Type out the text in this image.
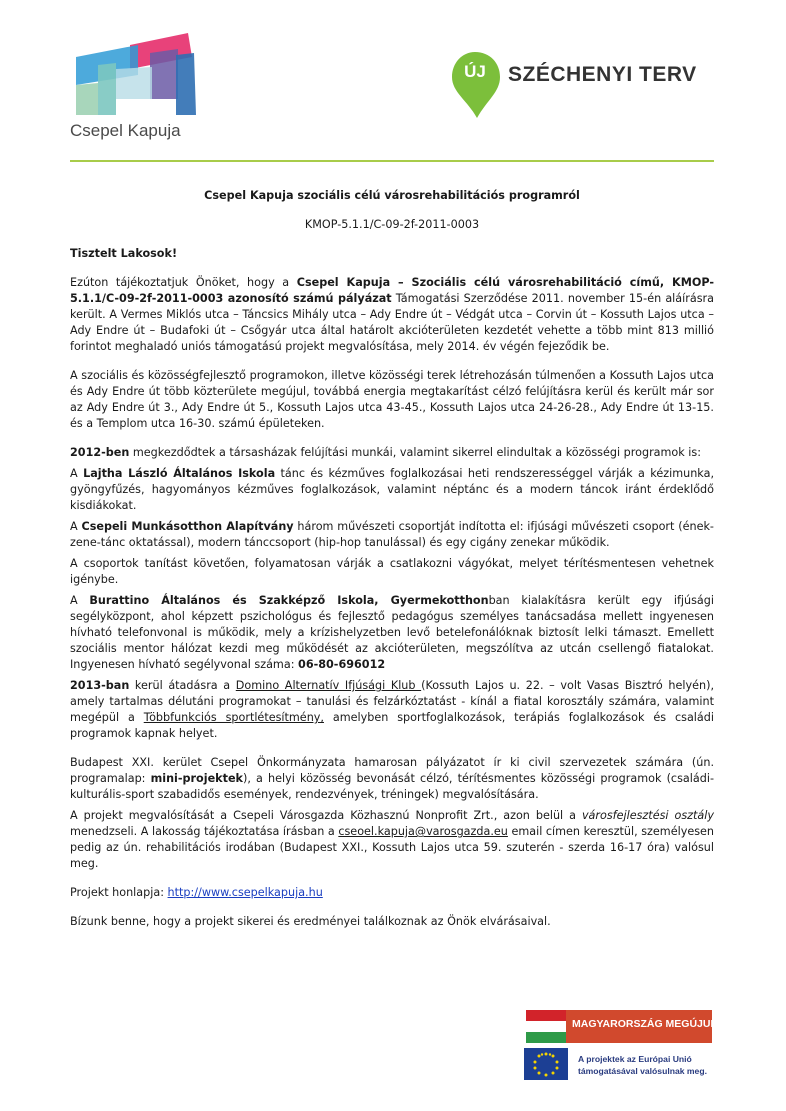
Csepel Kapuja
ÚJ	SZÉCHENYI TERV
Csepel Kapuja szociális célú városrehabilitációs programról
KMOP-5.1.1/C-09-2f-2011-0003
Tisztelt Lakosok!

Ezúton tájékoztatjuk Önöket, hogy a Csepel Kapuja – Szociális célú városrehabilitáció című, KMOP-5.1.1/C-09-2f-2011-0003 azonosító számú pályázat Támogatási Szerződése 2011. november 15-én aláírásra került. A Vermes Miklós utca – Táncsics Mihály utca – Ady Endre út – Védgát utca – Corvin út – Kossuth Lajos utca – Ady Endre út – Budafoki út – Csőgyár utca által határolt akcióterületen kezdetét vehette a több mint 813 millió forintot meghaladó uniós támogatású projekt megvalósítása, mely 2014. év végén fejeződik be.

A szociális és közösségfejlesztő programokon, illetve közösségi terek létrehozásán túlmenően a Kossuth Lajos utca és Ady Endre út több közterülete megújul, továbbá energia megtakarítást célzó felújításra kerül és került már sor az Ady Endre út 3., Ady Endre út 5., Kossuth Lajos utca 43-45., Kossuth Lajos utca 24-26-28., Ady Endre út 13-15. és a Templom utca 16-30. számú épületeken.

2012-ben megkezdődtek a társasházak felújítási munkái, valamint sikerrel elindultak a közösségi programok is:

A Lajtha László Általános Iskola tánc és kézműves foglalkozásai heti rendszerességgel várják a kézimunka, gyöngyfűzés, hagyományos kézműves foglalkozások, valamint néptánc és a modern táncok iránt érdeklődő kisdiákokat.

A Csepeli Munkásotthon Alapítvány három művészeti csoportját indította el: ifjúsági művészeti csoport (ének- zene-tánc oktatással), modern tánccsoport (hip-hop tanulással) és egy cigány zenekar működik.

A csoportok tanítást követően, folyamatosan várják a csatlakozni vágyókat, melyet térítésmentesen vehetnek igénybe.

A Burattino Általános és Szakképző Iskola, Gyermekotthonban kialakításra került egy ifjúsági segélyközpont, ahol képzett pszichológus és fejlesztő pedagógus személyes tanácsadása mellett ingyenesen hívható telefonvonal is működik, mely a krízishelyzetben levő betelefonálóknak biztosít lelki támaszt. Emellett szociális mentor hálózat kezdi meg működését az akcióterületen, megszólítva az utcán csellengő fiatalokat. Ingyenesen hívható segélyvonal száma: 06-80-696012

2013-ban kerül átadásra a Domino Alternatív Ifjúsági Klub (Kossuth Lajos u. 22. – volt Vasas Bisztró helyén), amely tartalmas délutáni programokat – tanulási és felzárkóztatást - kínál a fiatal korosztály számára, valamint megépül a Többfunkciós sportlétesítmény, amelyben sportfoglalkozások, terápiás foglalkozások és családi programok kapnak helyet.

Budapest XXI. kerület Csepel Önkormányzata hamarosan pályázatot ír ki civil szervezetek számára (ún. programalap: mini-projektek), a helyi közösség bevonását célzó, térítésmentes közösségi programok (családi- kulturális-sport szabadidős események, rendezvények, tréningek) megvalósítására.

A projekt megvalósítását a Csepeli Városgazda Közhasznú Nonprofit Zrt., azon belül a városfejlesztési osztály menedzseli. A lakosság tájékoztatása írásban a cseoel.kapuja@varosgazda.eu email címen keresztül, személyesen pedig az ún. rehabilitációs irodában (Budapest XXI., Kossuth Lajos utca 59. szuterén - szerda 16-17 óra) valósul meg.

Projekt honlapja: http://www.csepelkapuja.hu

Bízunk benne, hogy a projekt sikerei és eredményei találkoznak az Önök elvárásaival.

MAGYARORSZÁG MEGÚJUL
A projektek az Európai Unió
támogatásával valósulnak meg.
